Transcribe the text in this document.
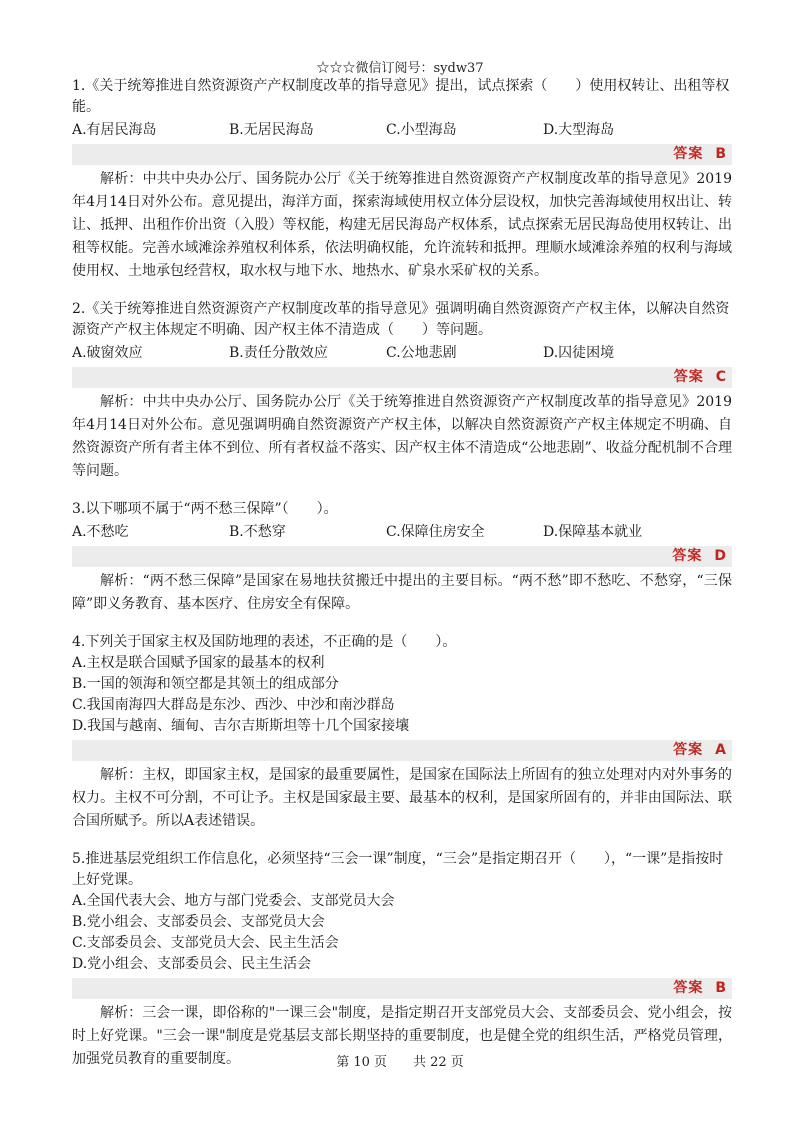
☆☆☆微信订阅号：sydw37

1.《关于统筹推进自然资源资产产权制度改革的指导意见》提出，试点探索（　　）使用权转让、出租等权能。

A.有居民海岛	B.无居民海岛	C.小型海岛	D.大型海岛
答案 B

解析：中共中央办公厅、国务院办公厅《关于统筹推进自然资源资产产权制度改革的指导意见》2019年4月14日对外公布。意见提出，海洋方面，探索海域使用权立体分层设权，加快完善海域使用权出让、转让、抵押、出租作价出资（入股）等权能，构建无居民海岛产权体系，试点探索无居民海岛使用权转让、出租等权能。完善水域滩涂养殖权利体系，依法明确权能，允许流转和抵押。理顺水域滩涂养殖的权利与海域使用权、土地承包经营权，取水权与地下水、地热水、矿泉水采矿权的关系。

2.《关于统筹推进自然资源资产产权制度改革的指导意见》强调明确自然资源资产产权主体，以解决自然资源资产产权主体规定不明确、因产权主体不清造成（　　）等问题。

A.破窗效应	B.责任分散效应	C.公地悲剧	D.囚徒困境
答案 C

解析：中共中央办公厅、国务院办公厅《关于统筹推进自然资源资产产权制度改革的指导意见》2019年4月14日对外公布。意见强调明确自然资源资产产权主体，以解决自然资源资产产权主体规定不明确、自然资源资产所有者主体不到位、所有者权益不落实、因产权主体不清造成“公地悲剧”、收益分配机制不合理等问题。

3.以下哪项不属于“两不愁三保障”（　　）。

A.不愁吃	B.不愁穿	C.保障住房安全	D.保障基本就业
答案 D

解析：“两不愁三保障”是国家在易地扶贫搬迁中提出的主要目标。“两不愁”即不愁吃、不愁穿，“三保障”即义务教育、基本医疗、住房安全有保障。

4.下列关于国家主权及国防地理的表述，不正确的是（　　）。

A.主权是联合国赋予国家的最基本的权利
B.一国的领海和领空都是其领土的组成部分
C.我国南海四大群岛是东沙、西沙、中沙和南沙群岛
D.我国与越南、缅甸、吉尔吉斯斯坦等十几个国家接壤
答案 A

解析：主权，即国家主权，是国家的最重要属性，是国家在国际法上所固有的独立处理对内对外事务的权力。主权不可分割，不可让予。主权是国家最主要、最基本的权利，是国家所固有的，并非由国际法、联合国所赋予。所以A表述错误。

5.推进基层党组织工作信息化，必须坚持“三会一课”制度，“三会”是指定期召开（　　），“一课”是指按时上好党课。

A.全国代表大会、地方与部门党委会、支部党员大会
B.党小组会、支部委员会、支部党员大会
C.支部委员会、支部党员大会、民主生活会
D.党小组会、支部委员会、民主生活会
答案 B

解析：三会一课，即俗称的"一课三会"制度，是指定期召开支部党员大会、支部委员会、党小组会，按时上好党课。"三会一课"制度是党基层支部长期坚持的重要制度，也是健全党的组织生活，严格党员管理，加强党员教育的重要制度。	第 10 页　　共 22 页
